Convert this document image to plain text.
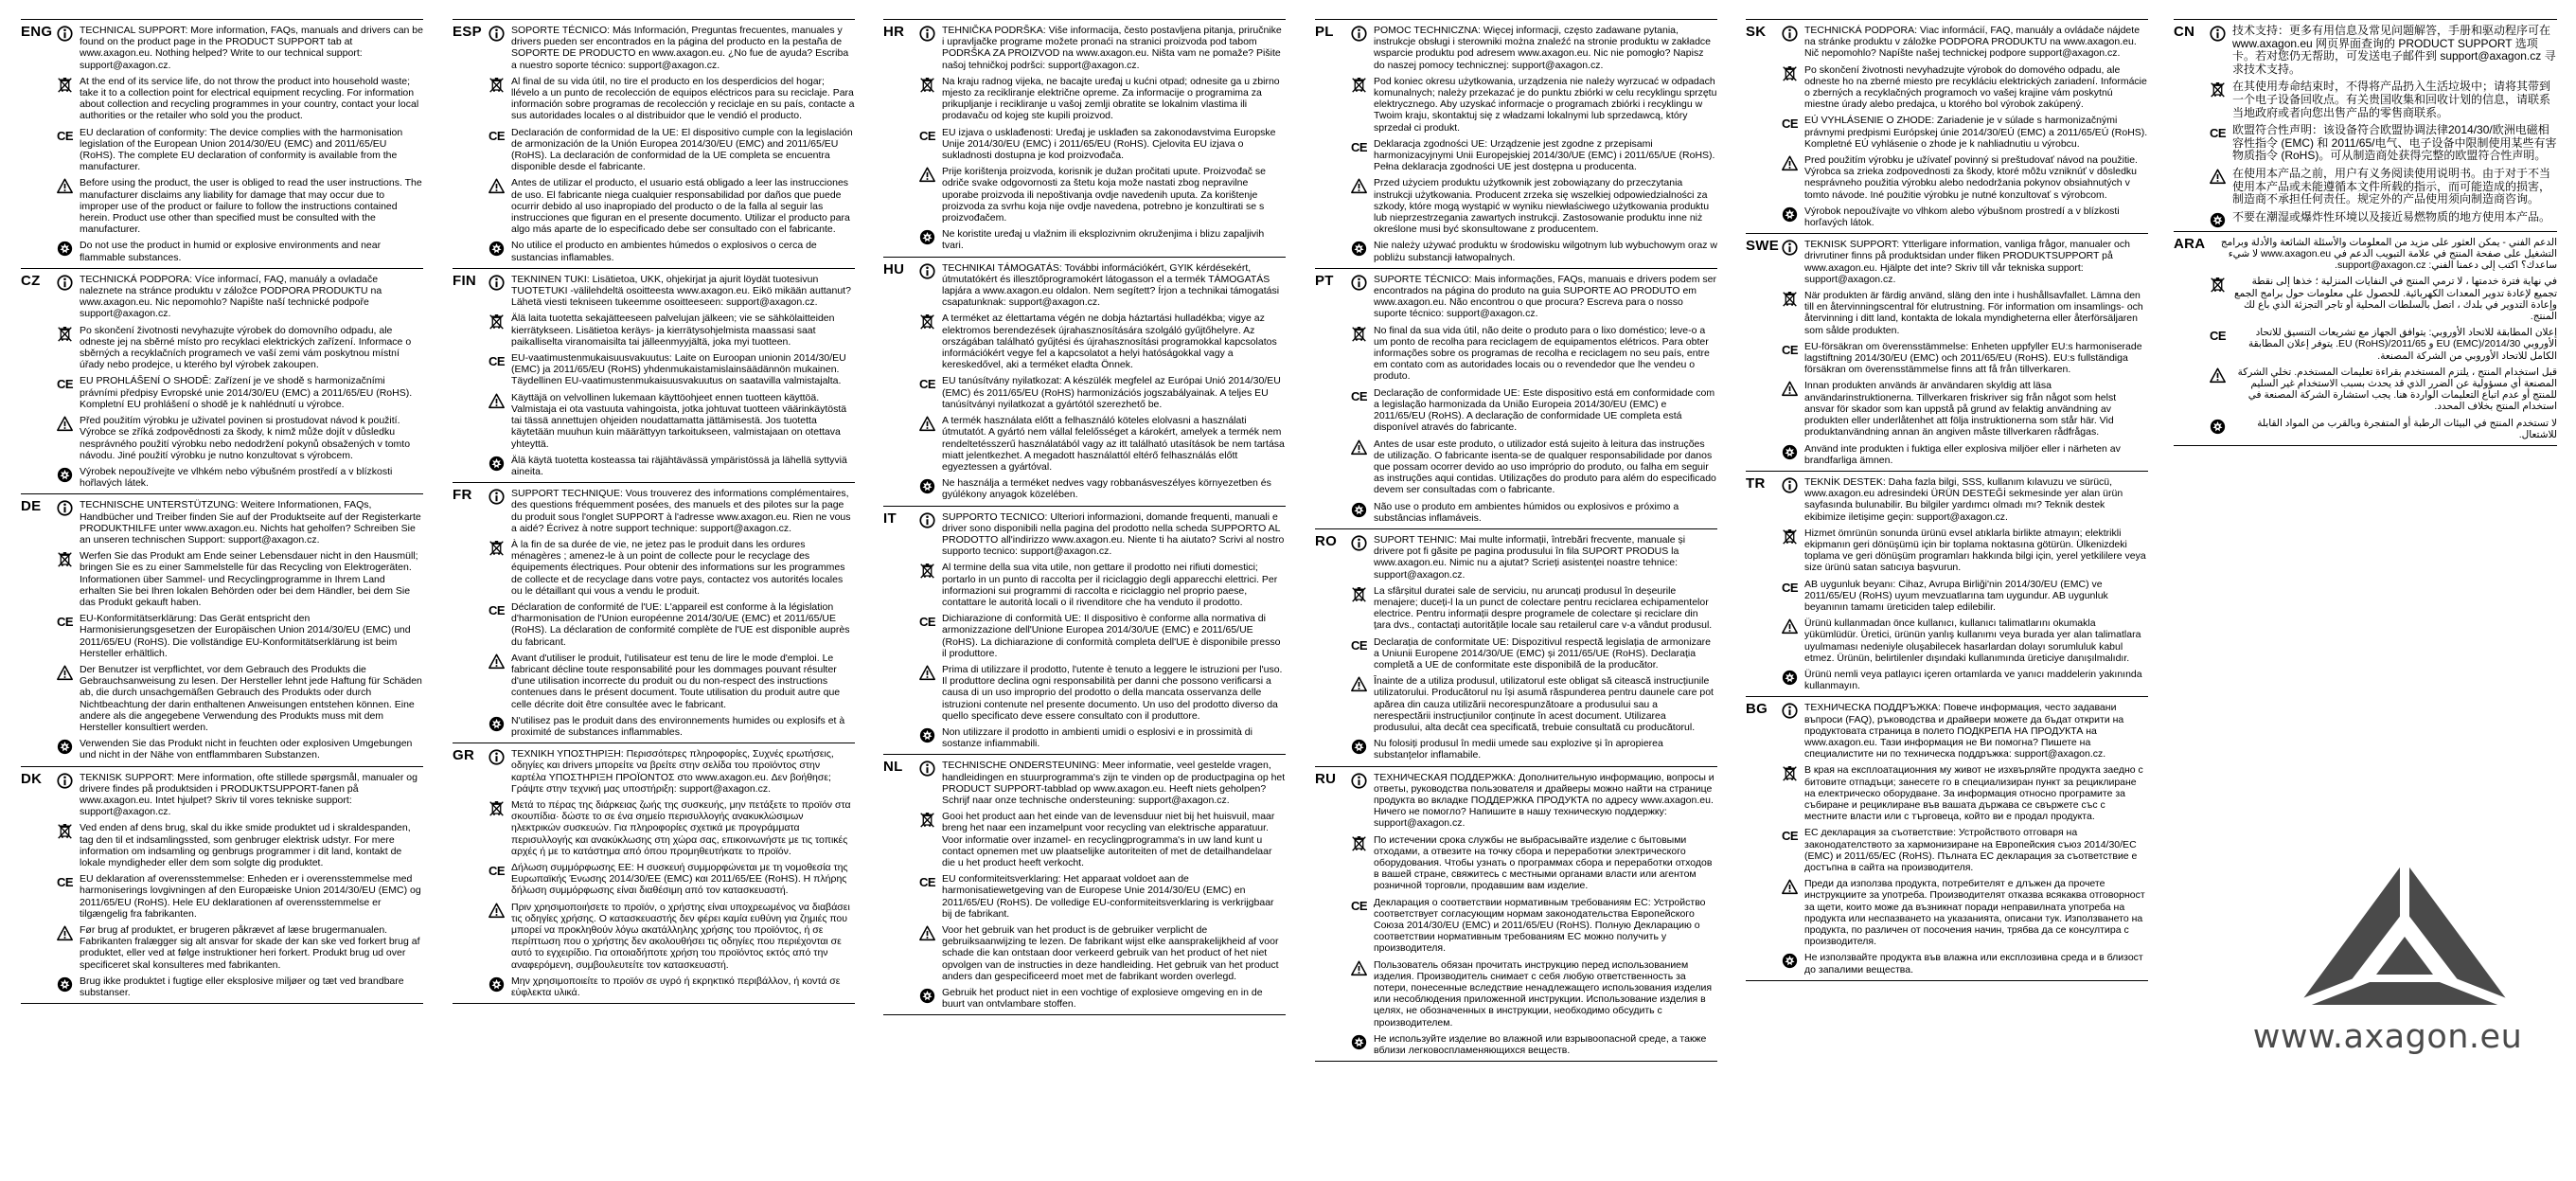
ENG	TECHNICAL SUPPORT: More information, FAQs, manuals and drivers can be found on the product page in the PRODUCT SUPPORT tab at www.axagon.eu. Nothing helped? Write to our technical support: support@axagon.cz.
At the end of its service life, do not throw the product into household waste; take it to a collection point for electrical equipment recycling. For information about collection and recycling programmes in your country, contact your local authorities or the retailer who sold you the product.
CE EU declaration of conformity: The device complies with the harmonisation legislation of the European Union 2014/30/EU (EMC) and 2011/65/EU (RoHS). The complete EU declaration of conformity is available from the manufacturer.
Before using the product, the user is obliged to read the user instructions. The manufacturer disclaims any liability for damage that may occur due to improper use of the product or failure to follow the instructions contained herein. Product use other than specified must be consulted with the manufacturer.
Do not use the product in humid or explosive environments and near flammable substances.
CZ	TECHNICKÁ PODPORA: Více informací, FAQ, manuály a ovladače naleznete na stránce produktu v záložce PODPORA PRODUKTU na www.axagon.eu. Nic nepomohlo? Napište naší technické podpoře support@axagon.cz.
Po skončení životnosti nevyhazujte výrobek do domovního odpadu, ale odneste jej na sběrné místo pro recyklaci elektrických zařízení. Informace o sběrných a recyklačních programech ve vaší zemi vám poskytnou místní úřady nebo prodejce, u kterého byl výrobek zakoupen.
CE EU PROHLÁŠENÍ O SHODĚ: Zařízení je ve shodě s harmonizačními právními předpisy Evropské unie 2014/30/EU (EMC) a 2011/65/EU (RoHS). Kompletní EU prohlášení o shodě je k nahlédnutí u výrobce.
Před použitím výrobku je uživatel povinen si prostudovat návod k použití. Výrobce se zříká zodpovědnosti za škody, k nimž může dojít v důsledku nesprávného použití výrobku nebo nedodržení pokynů obsažených v tomto návodu. Jiné použití výrobku je nutno konzultovat s výrobcem.
Výrobek nepoužívejte ve vlhkém nebo výbušném prostředí a v blízkosti hořlavých látek.
DE	TECHNISCHE UNTERSTÜTZUNG: Weitere Informationen, FAQs, Handbücher und Treiber finden Sie auf der Produktseite auf der Registerkarte PRODUKTHILFE unter www.axagon.eu. Nichts hat geholfen? Schreiben Sie an unseren technischen Support: support@axagon.cz.
Werfen Sie das Produkt am Ende seiner Lebensdauer nicht in den Hausmüll; bringen Sie es zu einer Sammelstelle für das Recycling von Elektrogeräten. Informationen über Sammel- und Recyclingprogramme in Ihrem Land erhalten Sie bei Ihren lokalen Behörden oder bei dem Händler, bei dem Sie das Produkt gekauft haben.
CE EU-Konformitätserklärung: Das Gerät entspricht den Harmonisierungsgesetzen der Europäischen Union 2014/30/EU (EMC) und 2011/65/EU (RoHS). Die vollständige EU-Konformitätserklärung ist beim Hersteller erhältlich.
Der Benutzer ist verpflichtet, vor dem Gebrauch des Produkts die Gebrauchsanweisung zu lesen. Der Hersteller lehnt jede Haftung für Schäden ab, die durch unsachgemäßen Gebrauch des Produkts oder durch Nichtbeachtung der darin enthaltenen Anweisungen entstehen können. Eine andere als die angegebene Verwendung des Produkts muss mit dem Hersteller konsultiert werden.
Verwenden Sie das Produkt nicht in feuchten oder explosiven Umgebungen und nicht in der Nähe von entflammbaren Substanzen.
DK	TEKNISK SUPPORT: Mere information, ofte stillede spørgsmål, manualer og drivere findes på produktsiden i PRODUKTSUPPORT-fanen på www.axagon.eu. Intet hjulpet? Skriv til vores tekniske support: support@axagon.cz.
Ved enden af dens brug, skal du ikke smide produktet ud i skraldespanden, tag den til et indsamlingssted, som genbruger elektrisk udstyr. For mere information om indsamling og genbrugs programmer i dit land, kontakt de lokale myndigheder eller dem som solgte dig produktet.
CE EU deklaration af overensstemmelse: Enheden er i overensstemmelse med harmoniserings lovgivningen af den Europæiske Union 2014/30/EU (EMC) og 2011/65/EU (RoHS). Hele EU deklarationen af overensstemmelse er tilgængelig fra fabrikanten.
Før brug af produktet, er brugeren påkrævet af læse brugermanualen. Fabrikanten fralægger sig alt ansvar for skade der kan ske ved forkert brug af produktet, eller ved at følge instruktioner heri forkert. Produkt brug ud over specificeret skal konsulteres med fabrikanten.
Brug ikke produktet i fugtige eller eksplosive miljøer og tæt ved brandbare substanser.
ESP	SOPORTE TÉCNICO: Más Información, Preguntas frecuentes, manuales y drivers pueden ser encontrados en la página del producto en la pestaña de SOPORTE DE PRODUCTO en www.axagon.eu. ¿No fue de ayuda? Escriba a nuestro soporte técnico: support@axagon.cz.
Al final de su vida útil, no tire el producto en los desperdicios del hogar; llévelo a un punto de recolección de equipos eléctricos para su reciclaje. Para información sobre programas de recolección y reciclaje en su país, contacte a sus autoridades locales o al distribuidor que le vendió el producto.
CE Declaración de conformidad de la UE: El dispositivo cumple con la legislación de armonización de la Unión Europea 2014/30/EU (EMC) and 2011/65/EU (RoHS). La declaración de conformidad de la UE completa se encuentra disponible desde el fabricante.
Antes de utilizar el producto, el usuario está obligado a leer las instrucciones de uso. El fabricante niega cualquier responsabilidad por daños que puede ocurrir debido al uso inapropiado del producto o de la falla al seguir las instrucciones que figuran en el presente documento. Utilizar el producto para algo más aparte de lo especificado debe ser consultado con el fabricante.
No utilice el producto en ambientes húmedos o explosivos o cerca de sustancias inflamables.
FIN	TEKNINEN TUKI: Lisätietoa, UKK, ohjekirjat ja ajurit löydät tuotesivun TUOTETUKI -välilehdeltä osoitteesta www.axagon.eu. Eikö mikään auttanut? Lähetä viesti tekniseen tukeemme osoitteeseen: support@axagon.cz.
Älä laita tuotetta sekajätteeseen palvelujan jälkeen; vie se sähkölaitteiden kierrätykseen. Lisätietoa keräys- ja kierrätysohjelmista maassasi saat paikalliselta viranomaisilta tai jälleenmyyjältä, joka myi tuotteen.
CE EU-vaatimustenmukaisuusvakuutus: Laite on Euroopan unionin 2014/30/EU (EMC) ja 2011/65/EU (RoHS) yhdenmukaistamislainsäädännön mukainen. Täydellinen EU-vaatimustenmukaisuusvakuutus on saatavilla valmistajalta.
Käyttäjä on velvollinen lukemaan käyttöohjeet ennen tuotteen käyttöä. Valmistaja ei ota vastuuta vahingoista, jotka johtuvat tuotteen väärinkäytöstä tai tässä annettujen ohjeiden noudattamatta jättämisestä. Jos tuotetta käytetään muuhun kuin määrättyyn tarkoitukseen, valmistajaan on otettava yhteyttä.
Älä käytä tuotetta kosteassa tai räjähtävässä ympäristössä ja lähellä syttyviä aineita.
FR	SUPPORT TECHNIQUE: Vous trouverez des informations complémentaires, des questions fréquemment posées, des manuels et des pilotes sur la page du produit sous l'onglet SUPPORT à l'adresse www.axagon.eu. Rien ne vous a aidé? Écrivez à notre support technique: support@axagon.cz.
À la fin de sa durée de vie, ne jetez pas le produit dans les ordures ménagères ; amenez-le à un point de collecte pour le recyclage des équipements électriques. Pour obtenir des informations sur les programmes de collecte et de recyclage dans votre pays, contactez vos autorités locales ou le détaillant qui vous a vendu le produit.
CE Déclaration de conformité de l'UE: L'appareil est conforme à la législation d'harmonisation de l'Union européenne 2014/30/UE (EMC) et 2011/65/UE (RoHS). La déclaration de conformité complète de l'UE est disponible auprès du fabricant.
Avant d'utiliser le produit, l'utilisateur est tenu de lire le mode d'emploi. Le fabricant décline toute responsabilité pour les dommages pouvant résulter d'une utilisation incorrecte du produit ou du non-respect des instructions contenues dans le présent document. Toute utilisation du produit autre que celle décrite doit être consultée avec le fabricant.
N'utilisez pas le produit dans des environnements humides ou explosifs et à proximité de substances inflammables.
GR	ΤΕΧΝΙΚΗ ΥΠΟΣΤΗΡΙΞΗ: Περισσότερες πληροφορίες, Συχνές ερωτήσεις, οδηγίες και drivers μπορείτε να βρείτε στην σελίδα του προϊόντος στην καρτέλα ΥΠΟΣΤΗΡΙΞΗ ΠΡΟΪΟΝΤΟΣ στο www.axagon.eu. Δεν βοήθησε; Γράψτε στην τεχνική μας υποστήριξη: support@axagon.cz.
Μετά το πέρας της διάρκειας ζωής της συσκευής, μην πετάξετε το προϊόν στα σκουπίδια· δώστε το σε ένα σημείο περισυλλογής ανακυκλώσιμων ηλεκτρικών συσκευών. Για πληροφορίες σχετικά με προγράμματα περισυλλογής και ανακύκλωσης στη χώρα σας, επικοινωνήστε με τις τοπικές αρχές ή με το κατάστημα από όπου προμηθευτήκατε το προϊόν.
CE Δήλωση συμμόρφωσης ΕΕ: Η συσκευή συμμορφώνεται με τη νομοθεσία της Ευρωπαϊκής Ένωσης 2014/30/ΕΕ (EMC) και 2011/65/ΕΕ (RoHS). Η πλήρης δήλωση συμμόρφωσης είναι διαθέσιμη από τον κατασκευαστή.
Πριν χρησιμοποιήσετε το προϊόν, ο χρήστης είναι υποχρεωμένος να διαβάσει τις οδηγίες χρήσης. Ο κατασκευαστής δεν φέρει καμία ευθύνη για ζημιές που μπορεί να προκληθούν λόγω ακατάλληλης χρήσης του προϊόντος, ή σε περίπτωση που ο χρήστης δεν ακολουθήσει τις οδηγίες που περιέχονται σε αυτό το εγχειρίδιο. Για οποιαδήποτε χρήση του προϊόντος εκτός από την αναφερόμενη, συμβουλευτείτε τον κατασκευαστή.
Μην χρησιμοποιείτε το προϊόν σε υγρό ή εκρηκτικό περιβάλλον, ή κοντά σε εύφλεκτα υλικά.
HR	TEHNIČKA PODRŠKA: Više informacija, često postavljena pitanja, priručnike i upravljačke programe možete pronaći na stranici proizvoda pod tabom PODRŠKA ZA PROIZVOD na www.axagon.eu. Ništa vam ne pomaže? Pišite našoj tehničkoj podršci: support@axagon.cz.
Na kraju radnog vijeka, ne bacajte uređaj u kućni otpad; odnesite ga u zbirno mjesto za recikliranje električne opreme. Za informacije o programima za prikupljanje i recikliranje u vašoj zemlji obratite se lokalnim vlastima ili prodavaču od kojeg ste kupili proizvod.
CE EU izjava o usklađenosti: Uređaj je usklađen sa zakonodavstvima Europske Unije 2014/30/EU (EMC) i 2011/65/EU (RoHS). Cjelovita EU izjava o sukladnosti dostupna je kod proizvođača.
Prije korištenja proizvoda, korisnik je dužan pročitati upute. Proizvođač se odriče svake odgovornosti za štetu koja može nastati zbog nepravilne uporabe proizvoda ili nepoštivanja ovdje navedenih uputa. Za korištenje proizvoda za svrhu koja nije ovdje navedena, potrebno je konzultirati se s proizvođačem.
Ne koristite uređaj u vlažnim ili eksplozivnim okruženjima i blizu zapaljivih tvari.
HU	TECHNIKAI TÁMOGATÁS: További információkért, GYIK kérdésekért, útmutatókért és illesztőprogramokért látogasson el a termék TÁMOGATÁS lapjára a www.axagon.eu oldalon. Nem segített? Írjon a technikai támogatási csapatunknak: support@axagon.cz.
A terméket az élettartama végén ne dobja háztartási hulladékba; vigye az elektromos berendezések újrahasznosítására szolgáló gyűjtőhelyre. Az országában található gyűjtési és újrahasznosítási programokkal kapcsolatos információkért vegye fel a kapcsolatot a helyi hatóságokkal vagy a kereskedővel, aki a terméket eladta Önnek.
CE EU tanúsítvány nyilatkozat: A készülék megfelel az Európai Unió 2014/30/EU (EMC) és 2011/65/EU (RoHS) harmonizációs jogszabályainak. A teljes EU tanúsítványi nyilatkozat a gyártótól szerezhető be.
A termék használata előtt a felhasználó köteles elolvasni a használati útmutatót. A gyártó nem vállal felelősséget a károkért, amelyek a termék nem rendeltetésszerű használatából vagy az itt található utasítások be nem tartása miatt jelentkezhet. A megadott használattól eltérő felhasználás előtt egyeztessen a gyártóval.
Ne használja a terméket nedves vagy robbanásveszélyes környezetben és gyúlékony anyagok közelében.
IT	SUPPORTO TECNICO: Ulteriori informazioni, domande frequenti, manuali e driver sono disponibili nella pagina del prodotto nella scheda SUPPORTO AL PRODOTTO all'indirizzo www.axagon.eu. Niente ti ha aiutato? Scrivi al nostro supporto tecnico: support@axagon.cz.
Al termine della sua vita utile, non gettare il prodotto nei rifiuti domestici; portarlo in un punto di raccolta per il riciclaggio degli apparecchi elettrici. Per informazioni sui programmi di raccolta e riciclaggio nel proprio paese, contattare le autorità locali o il rivenditore che ha venduto il prodotto.
CE Dichiarazione di conformità UE: Il dispositivo è conforme alla normativa di armonizzazione dell'Unione Europea 2014/30/UE (EMC) e 2011/65/UE (RoHS). La dichiarazione di conformità completa dell'UE è disponibile presso il produttore.
Prima di utilizzare il prodotto, l'utente è tenuto a leggere le istruzioni per l'uso. Il produttore declina ogni responsabilità per danni che possono verificarsi a causa di un uso improprio del prodotto o della mancata osservanza delle istruzioni contenute nel presente documento. Un uso del prodotto diverso da quello specificato deve essere consultato con il produttore.
Non utilizzare il prodotto in ambienti umidi o esplosivi e in prossimità di sostanze infiammabili.
NL	TECHNISCHE ONDERSTEUNING: Meer informatie, veel gestelde vragen, handleidingen en stuurprogramma's zijn te vinden op de productpagina op het PRODUCT SUPPORT-tabblad op www.axagon.eu. Heeft niets geholpen? Schrijf naar onze technische ondersteuning: support@axagon.cz.
Gooi het product aan het einde van de levensduur niet bij het huisvuil, maar breng het naar een inzamelpunt voor recycling van elektrische apparatuur. Voor informatie over inzamel- en recyclingprogramma's in uw land kunt u contact opnemen met uw plaatselijke autoriteiten of met de detailhandelaar die u het product heeft verkocht.
CE EU conformiteitsverklaring: Het apparaat voldoet aan de harmonisatiewetgeving van de Europese Unie 2014/30/EU (EMC) en 2011/65/EU (RoHS). De volledige EU-conformiteitsverklaring is verkrijgbaar bij de fabrikant.
Voor het gebruik van het product is de gebruiker verplicht de gebruiksaanwijzing te lezen. De fabrikant wijst elke aansprakelijkheid af voor schade die kan ontstaan door verkeerd gebruik van het product of het niet opvolgen van de instructies in deze handleiding. Het gebruik van het product anders dan gespecificeerd moet met de fabrikant worden overlegd.
Gebruik het product niet in een vochtige of explosieve omgeving en in de buurt van ontvlambare stoffen.
PL	POMOC TECHNICZNA: Więcej informacji, często zadawane pytania, instrukcje obsługi i sterowniki można znaleźć na stronie produktu w zakładce wsparcie produktu pod adresem www.axagon.eu. Nic nie pomogło? Napisz do naszej pomocy technicznej: support@axagon.cz.
Pod koniec okresu użytkowania, urządzenia nie należy wyrzucać w odpadach komunalnych; należy przekazać je do punktu zbiórki w celu recyklingu sprzętu elektrycznego. Aby uzyskać informacje o programach zbiórki i recyklingu w Twoim kraju, skontaktuj się z władzami lokalnymi lub sprzedawcą, który sprzedał ci produkt.
CE Deklaracja zgodności UE: Urządzenie jest zgodne z przepisami harmonizacyjnymi Unii Europejskiej 2014/30/UE (EMC) i 2011/65/UE (RoHS). Pełna deklaracja zgodności UE jest dostępna u producenta.
Przed użyciem produktu użytkownik jest zobowiązany do przeczytania instrukcji użytkowania. Producent zrzeka się wszelkiej odpowiedzialności za szkody, które mogą wystąpić w wyniku niewłaściwego użytkowania produktu lub nieprzestrzegania zawartych instrukcji. Zastosowanie produktu inne niż określone musi być skonsultowane z producentem.
Nie należy używać produktu w środowisku wilgotnym lub wybuchowym oraz w pobliżu substancji łatwopalnych.
PT	SUPORTE TÉCNICO: Mais informações, FAQs, manuais e drivers podem ser encontrados na página do produto na guia SUPORTE AO PRODUTO em www.axagon.eu. Não encontrou o que procura? Escreva para o nosso suporte técnico: support@axagon.cz.
No final da sua vida útil, não deite o produto para o lixo doméstico; leve-o a um ponto de recolha para reciclagem de equipamentos elétricos. Para obter informações sobre os programas de recolha e reciclagem no seu país, entre em contato com as autoridades locais ou o revendedor que lhe vendeu o produto.
CE Declaração de conformidade UE: Este dispositivo está em conformidade com a legislação harmonizada da União Europeia 2014/30/EU (EMC) e 2011/65/EU (RoHS). A declaração de conformidade UE completa está disponível através do fabricante.
Antes de usar este produto, o utilizador está sujeito à leitura das instruções de utilização. O fabricante isenta-se de qualquer responsabilidade por danos que possam ocorrer devido ao uso impróprio do produto, ou falha em seguir as instruções aqui contidas. Utilizações do produto para além do especificado devem ser consultadas com o fabricante.
Não use o produto em ambientes húmidos ou explosivos e próximo a substâncias inflamáveis.
RO	SUPORT TEHNIC: Mai multe informații, întrebări frecvente, manuale și drivere pot fi găsite pe pagina produsului în fila SUPORT PRODUS la www.axagon.eu. Nimic nu a ajutat? Scrieți asistenței noastre tehnice: support@axagon.cz.
La sfârșitul duratei sale de serviciu, nu aruncați produsul în deșeurile menajere; duceți-l la un punct de colectare pentru reciclarea echipamentelor electrice. Pentru informații despre programele de colectare și reciclare din țara dvs., contactați autoritățile locale sau retailerul care v-a vândut produsul.
CE Declarația de conformitate UE: Dispozitivul respectă legislația de armonizare a Uniunii Europene 2014/30/UE (EMC) și 2011/65/UE (RoHS). Declarația completă a UE de conformitate este disponibilă de la producător.
Înainte de a utiliza produsul, utilizatorul este obligat să citească instrucțiunile utilizatorului. Producătorul nu își asumă răspunderea pentru daunele care pot apărea din cauza utilizării necorespunzătoare a produsului sau a nerespectării instrucțiunilor conținute în acest document. Utilizarea produsului, alta decât cea specificată, trebuie consultată cu producătorul.
Nu folosiți produsul în medii umede sau explozive și în apropierea substanțelor inflamabile.
RU	ТЕХНИЧЕСКАЯ ПОДДЕРЖКА: Дополнительную информацию, вопросы и ответы, руководства пользователя и драйверы можно найти на странице продукта во вкладке ПОДДЕРЖКА ПРОДУКТА по адресу www.axagon.eu. Ничего не помогло? Напишите в нашу техническую поддержку: support@axagon.cz.
По истечении срока службы не выбрасывайте изделие с бытовыми отходами, а отвезите на точку сбора и переработки электрического оборудования. Чтобы узнать о программах сбора и переработки отходов в вашей стране, свяжитесь с местными органами власти или агентом розничной торговли, продавшим вам изделие.
CE Декларация о соответствии нормативным требованиям ЕС: Устройство соответствует согласующим нормам законодательства Европейского Союза 2014/30/EU (EMC) и 2011/65/EU (RoHS). Полную Декларацию о соответствии нормативным требованиям ЕС можно получить у производителя.
Пользователь обязан прочитать инструкцию перед использованием изделия. Производитель снимает с себя любую ответственность за потери, понесенные вследствие ненадлежащего использования изделия или несоблюдения приложенной инструкции. Использование изделия в целях, не обозначенных в инструкции, необходимо обсудить с производителем.
Не используйте изделие во влажной или взрывоопасной среде, а также вблизи легковоспламеняющихся веществ.
SK	TECHNICKÁ PODPORA: Viac informácií, FAQ, manuály a ovládače nájdete na stránke produktu v záložke PODPORA PRODUKTU na www.axagon.eu. Nič nepomohlo? Napíšte našej technickej podpore support@axagon.cz.
Po skončení životnosti nevyhadzujte výrobok do domového odpadu, ale odneste ho na zberné miesto pre recykláciu elektrických zariadení. Informácie o zberných a recyklačných programoch vo vašej krajine vám poskytnú miestne úrady alebo predajca, u ktorého bol výrobok zakúpený.
CE EÚ VYHLÁSENIE O ZHODE: Zariadenie je v súlade s harmonizačnými právnymi predpismi Európskej únie 2014/30/EÚ (EMC) a 2011/65/EÚ (RoHS). Kompletné EÚ vyhlásenie o zhode je k nahliadnutiu u výrobcu.
Pred použitím výrobku je užívateľ povinný si preštudovať návod na použitie. Výrobca sa zrieka zodpovednosti za škody, ktoré môžu vzniknúť v dôsledku nesprávneho použitia výrobku alebo nedodržania pokynov obsiahnutých v tomto návode. Iné použitie výrobku je nutné konzultovať s výrobcom.
Výrobok nepoužívajte vo vlhkom alebo výbušnom prostredí a v blízkosti horľavých látok.
SWE	TEKNISK SUPPORT: Ytterligare information, vanliga frågor, manualer och drivrutiner finns på produktsidan under fliken PRODUKTSUPPORT på www.axagon.eu. Hjälpte det inte? Skriv till vår tekniska support: support@axagon.cz.
När produkten är färdig använd, släng den inte i hushållsavfallet. Lämna den till en återvinningscentral för elutrustning. För information om insamlings- och återvinning i ditt land, kontakta de lokala myndigheterna eller återförsäljaren som sålde produkten.
CE EU-försäkran om överensstämmelse: Enheten uppfyller EU:s harmoniserade lagstiftning 2014/30/EU (EMC) och 2011/65/EU (RoHS). EU:s fullständiga försäkran om överensstämmelse finns att få från tillverkaren.
Innan produkten används är användaren skyldig att läsa användarinstruktionerna. Tillverkaren friskriver sig från något som helst ansvar för skador som kan uppstå på grund av felaktig användning av produkten eller underlåtenhet att följa instruktionerna som står här. Vid produktanvändning annan än angiven måste tillverkaren rådfrågas.
Använd inte produkten i fuktiga eller explosiva miljöer eller i närheten av brandfarliga ämnen.
TR	TEKNİK DESTEK: Daha fazla bilgi, SSS, kullanım kılavuzu ve sürücü, www.axagon.eu adresindeki ÜRÜN DESTEĞİ sekmesinde yer alan ürün sayfasında bulunabilir. Bu bilgiler yardımcı olmadı mı? Teknik destek ekibimize iletişime geçin: support@axagon.cz.
Hizmet ömrünün sonunda ürünü evsel atıklarla birlikte atmayın; elektrikli ekipmanın geri dönüşümü için bir toplama noktasına götürün. Ülkenizdeki toplama ve geri dönüşüm programları hakkında bilgi için, yerel yetkililere veya size ürünü satan satıcıya başvurun.
CE AB uygunluk beyanı: Cihaz, Avrupa Birliği'nin 2014/30/EU (EMC) ve 2011/65/EU (RoHS) uyum mevzuatlarına tam uygundur. AB uygunluk beyanının tamamı üreticiden talep edilebilir.
Ürünü kullanmadan önce kullanıcı, kullanıcı talimatlarını okumakla yükümlüdür. Üretici, ürünün yanlış kullanımı veya burada yer alan talimatlara uyulmaması nedeniyle oluşabilecek hasarlardan dolayı sorumluluk kabul etmez. Ürünün, belirtilenler dışındaki kullanımında üreticiye danışılmalıdır.
Ürünü nemli veya patlayıcı içeren ortamlarda ve yanıcı maddelerin yakınında kullanmayın.
BG	ТЕХНИЧЕСКА ПОДДРЪЖКА: Повече информация, често задавани въпроси (FAQ), ръководства и драйвери можете да бъдат открити на продуктовата страница в полето ПОДКРЕПА НА ПРОДУКТА на www.axagon.eu. Тази информация не Ви помогна? Пишете на специалистите ни по техническа поддръжка: support@axagon.cz.
В края на експлоатационния му живот не изхвърляйте продукта заедно с битовите отпадъци; занесете го в специализиран пункт за рециклиране на електрическо оборудване. За информация относно програмите за събиране и рециклиране във вашата държава се свържете със с местните власти или с търговеца, който ви е продал продукта.
CE ЕС декларация за съответствие: Устройството отговаря на законодателството за хармонизиране на Европейския съюз 2014/30/EC (EMC) и 2011/65/EC (RoHS). Пълната ЕС декларация за съответствие е достъпна в сайта на производителя.
Преди да използва продукта, потребителят е длъжен да прочете инструкциите за употреба. Производителят отказва всякаква отговорност за щети, които може да възникнат поради неправилната употреба на продукта или неспазването на указанията, описани тук. Използването на продукта, по различен от посочения начин, трябва да се консултира с производителя.
Не използвайте продукта във влажна или експлозивна среда и в близост до запалими вещества.
CN	技术支持：更多有用信息及常见问题解答，手册和驱动程序可在 www.axagon.eu 网页界面查询的 PRODUCT SUPPORT 选项卡。若对您仍无帮助，可发送电子邮件到 support@axagon.cz 寻求技术支持。
在其使用寿命结束时，不得将产品扔入生活垃圾中；请将其带到一个电子设备回收点。有关贵国收集和回收计划的信息，请联系当地政府或者向您出售产品的零售商联系。
CE 欧盟符合性声明：该设备符合欧盟协调法律2014/30/欧洲电磁相容性指令 (EMC) 和 2011/65/电气、电子设备中限制使用某些有害物质指令 (RoHS)。可从制造商处获得完整的欧盟符合性声明。
在使用本产品之前，用户有义务阅读使用说明书。由于对于不当使用本产品或未能遵循本文件所载的指示，而可能造成的损害，制造商不承担任何责任。规定外的产品使用须向制造商咨询。
不要在潮湿或爆炸性环境以及接近易燃物质的地方使用本产品。
ARA	الدعم الفني - يمكن العثور على مزيد من المعلومات والأسئلة الشائعة والأدلة وبرامج التشغيل على صفحة المنتج في علامة التبويب الدعم في www.axagon.eu لا شيء ساعدك؟ اكتب إلى دعمنا الفني: support@axagon.cz.
في نهاية فترة خدمتها ، لا ترمي المنتج في النفايات المنزلية ؛ خذها إلى نقطة تجميع لإعادة تدوير المعدات الكهربائية. للحصول على معلومات حول برامج الجمع وإعادة التدوير في بلدك ، اتصل بالسلطات المحلية أو تاجر التجزئة الذي باع لك المنتج.
CE	إعلان المطابقة للاتحاد الأوروبي: يتوافق الجهاز مع تشريعات التنسيق للاتحاد الأوروبي 2014/30/EU (EMC) و 2011/65/EU (RoHS). يتوفر إعلان المطابقة الكامل للاتحاد الأوروبي من الشركة المصنعة.
قبل استخدام المنتج ، يلتزم المستخدم بقراءة تعليمات المستخدم. تخلي الشركة المصنعة أي مسؤولية عن الضرر الذي قد يحدث بسبب الاستخدام غير السليم للمنتج أو عدم اتباع التعليمات الواردة هنا. يجب استشارة الشركة المصنعة في استخدام المنتج بخلاف المحدد.
لا تستخدم المنتج في البيئات الرطبة أو المتفجرة وبالقرب من المواد القابلة للاشتعال.
www.axagon.eu
